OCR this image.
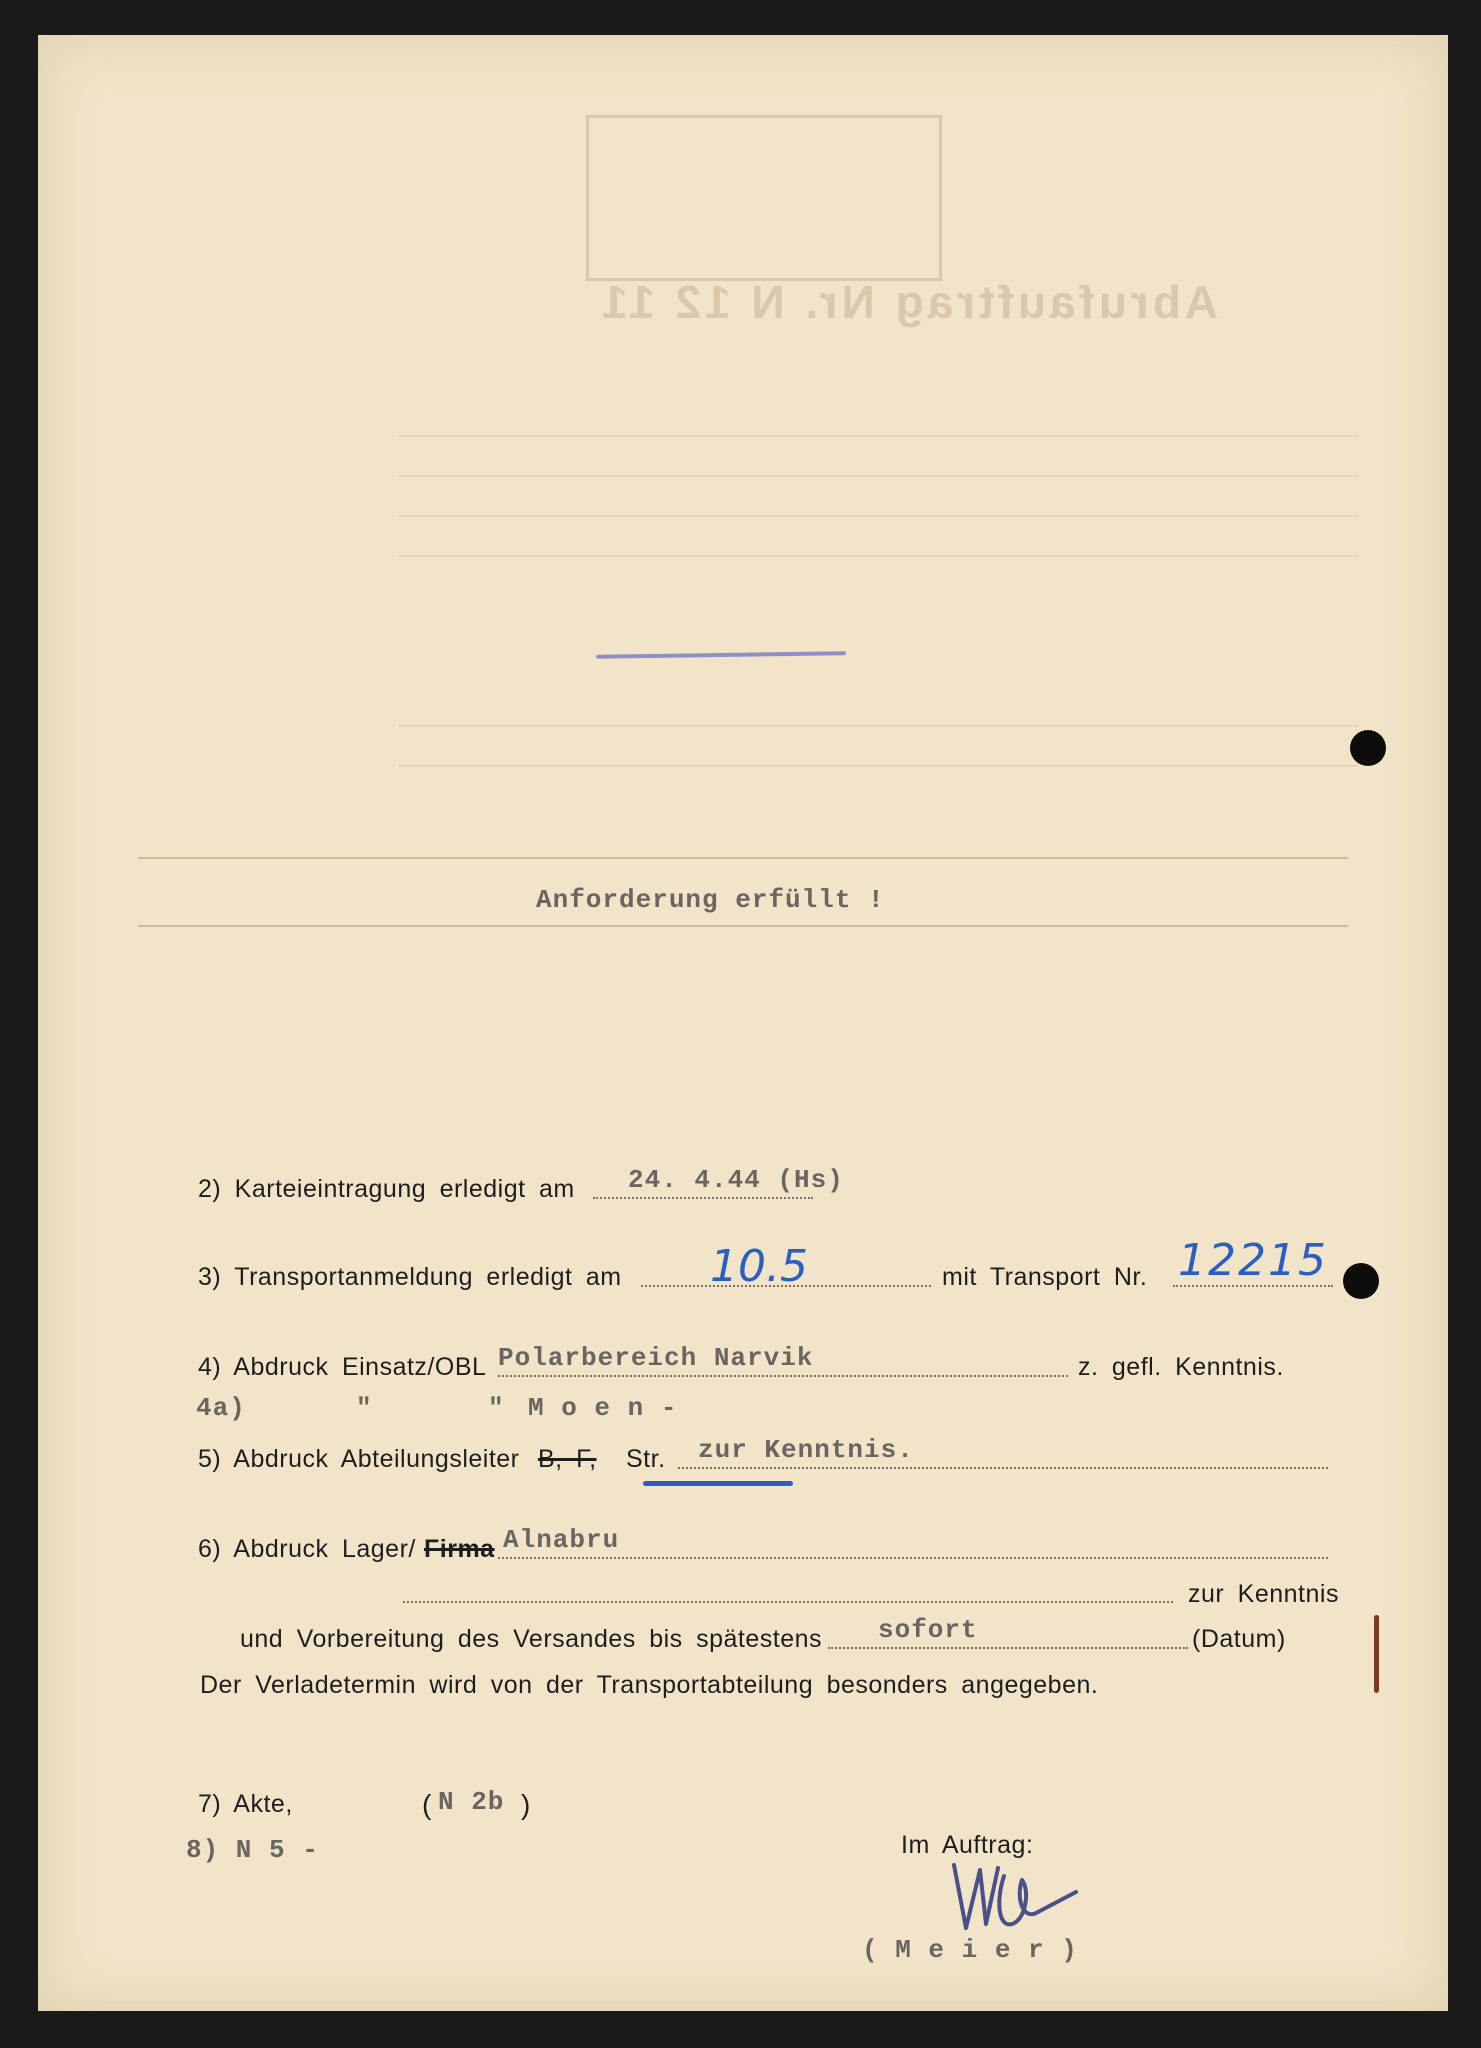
Abrufauftrag Nr. N 12 11
Anforderung erfüllt !
2) Karteieintragung erledigt am 24. 4.44 (Hs)
3) Transportanmeldung erledigt am 10.5	mit Transport Nr. 12215
4) Abdruck Einsatz/OBL Polarbereich Narvik	z. gefl. Kenntnis.
4a)	"	" M o e n -
5) Abdruck Abteilungsleiter B, F, Str. zur Kenntnis.
6) Abdruck Lager/ Firma Alnabru
zur Kenntnis
und Vorbereitung des Versandes bis spätestens sofort	(Datum)
Der Verladetermin wird von der Transportabteilung besonders angegeben.
7) Akte,	( N 2b )
8) N 5 -	Im Auftrag:
( M e i e r )
